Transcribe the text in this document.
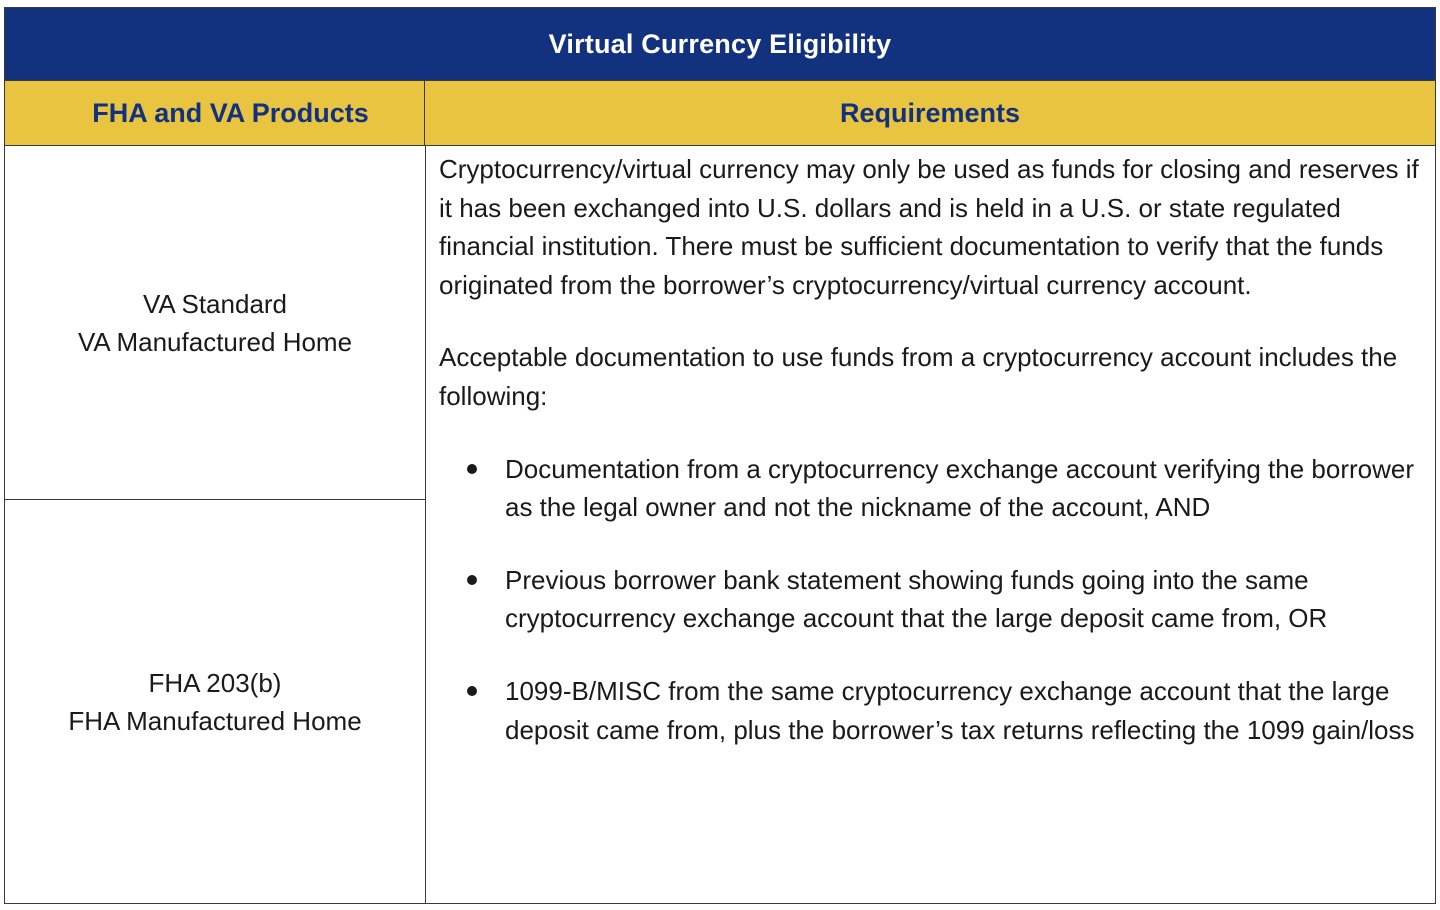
Virtual Currency Eligibility
FHA and VA Products	Requirements
VA Standard
VA Manufactured Home
FHA 203(b)
FHA Manufactured Home

Cryptocurrency/virtual currency may only be used as funds for closing and reserves if it has been exchanged into U.S. dollars and is held in a U.S. or state regulated financial institution. There must be sufficient documentation to verify that the funds originated from the borrower’s cryptocurrency/virtual currency account.

Acceptable documentation to use funds from a cryptocurrency account includes the following:

Documentation from a cryptocurrency exchange account verifying the borrower as the legal owner and not the nickname of the account, AND
Previous borrower bank statement showing funds going into the same cryptocurrency exchange account that the large deposit came from, OR
1099-B/MISC from the same cryptocurrency exchange account that the large deposit came from, plus the borrower’s tax returns reflecting the 1099 gain/loss
